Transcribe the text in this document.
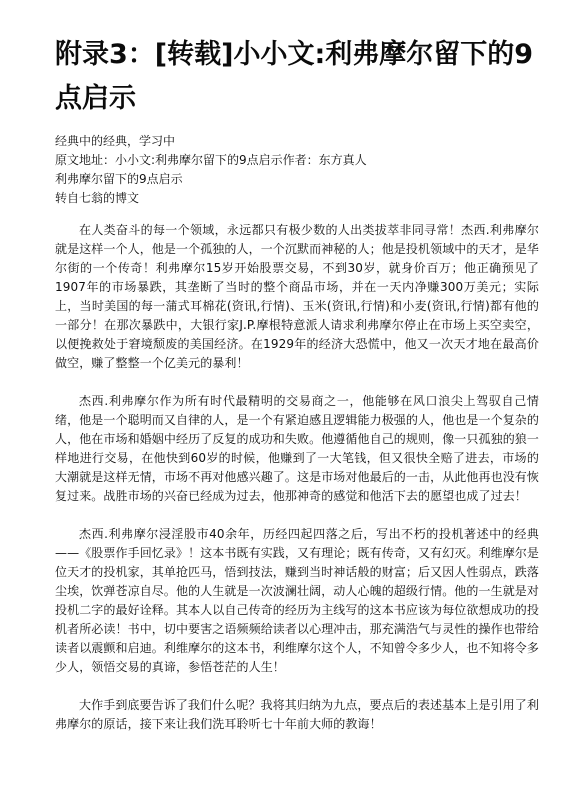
附录3：[转载]小小文:利弗摩尔留下的9点启示
经典中的经典，学习中
原文地址：小小文:利弗摩尔留下的9点启示作者：东方真人
利弗摩尔留下的9点启示
转自七翁的博文

在人类奋斗的每一个领域，永远都只有极少数的人出类拔萃非同寻常！杰西.利弗摩尔就是这样一个人，他是一个孤独的人，一个沉默而神秘的人；他是投机领域中的天才，是华尔街的一个传奇！利弗摩尔15岁开始股票交易，不到30岁，就身价百万；他正确预见了1907年的市场暴跌，其垄断了当时的整个商品市场，并在一天内净赚300万美元；实际上，当时美国的每一蒲式耳棉花(资讯,行情)、玉米(资讯,行情)和小麦(资讯,行情)都有他的一部分！在那次暴跌中，大银行家J.P.摩根特意派人请求利弗摩尔停止在市场上买空卖空，以便挽救处于窘境颓废的美国经济。在1929年的经济大恐慌中，他又一次天才地在最高价做空，赚了整整一个亿美元的暴利！

杰西.利弗摩尔作为所有时代最精明的交易商之一，他能够在风口浪尖上驾驭自己情绪，他是一个聪明而又自律的人，是一个有紧迫感且逻辑能力极强的人，他也是一个复杂的人，他在市场和婚姻中经历了反复的成功和失败。他遵循他自己的规则，像一只孤独的狼一样地进行交易，在他快到60岁的时候，他赚到了一大笔钱，但又很快全赔了进去，市场的大潮就是这样无情，市场不再对他感兴趣了。这是市场对他最后的一击，从此他再也没有恢复过来。战胜市场的兴奋已经成为过去，他那神奇的感觉和他活下去的愿望也成了过去！

杰西.利弗摩尔浸淫股市40余年，历经四起四落之后，写出不朽的投机著述中的经典——《股票作手回忆录》！这本书既有实践，又有理论；既有传奇，又有幻灭。利维摩尔是位天才的投机家，其单抢匹马，悟到技法，赚到当时神话般的财富；后又因人性弱点，跌落尘埃，饮弹苍凉自尽。他的人生就是一次波澜壮阔，动人心魄的超级行情。他的一生就是对投机二字的最好诠释。其本人以自己传奇的经历为主线写的这本书应该为每位欲想成功的投机者所必读！书中，切中要害之语频频给读者以心理冲击，那充满浩气与灵性的操作也带给读者以震颤和启迪。利维摩尔的这本书，利维摩尔这个人，不知曾令多少人，也不知将令多少人，领悟交易的真谛，参悟苍茫的人生！

大作手到底要告诉了我们什么呢？我将其归纳为九点，要点后的表述基本上是引用了利弗摩尔的原话，接下来让我们洗耳聆听七十年前大师的教诲！
